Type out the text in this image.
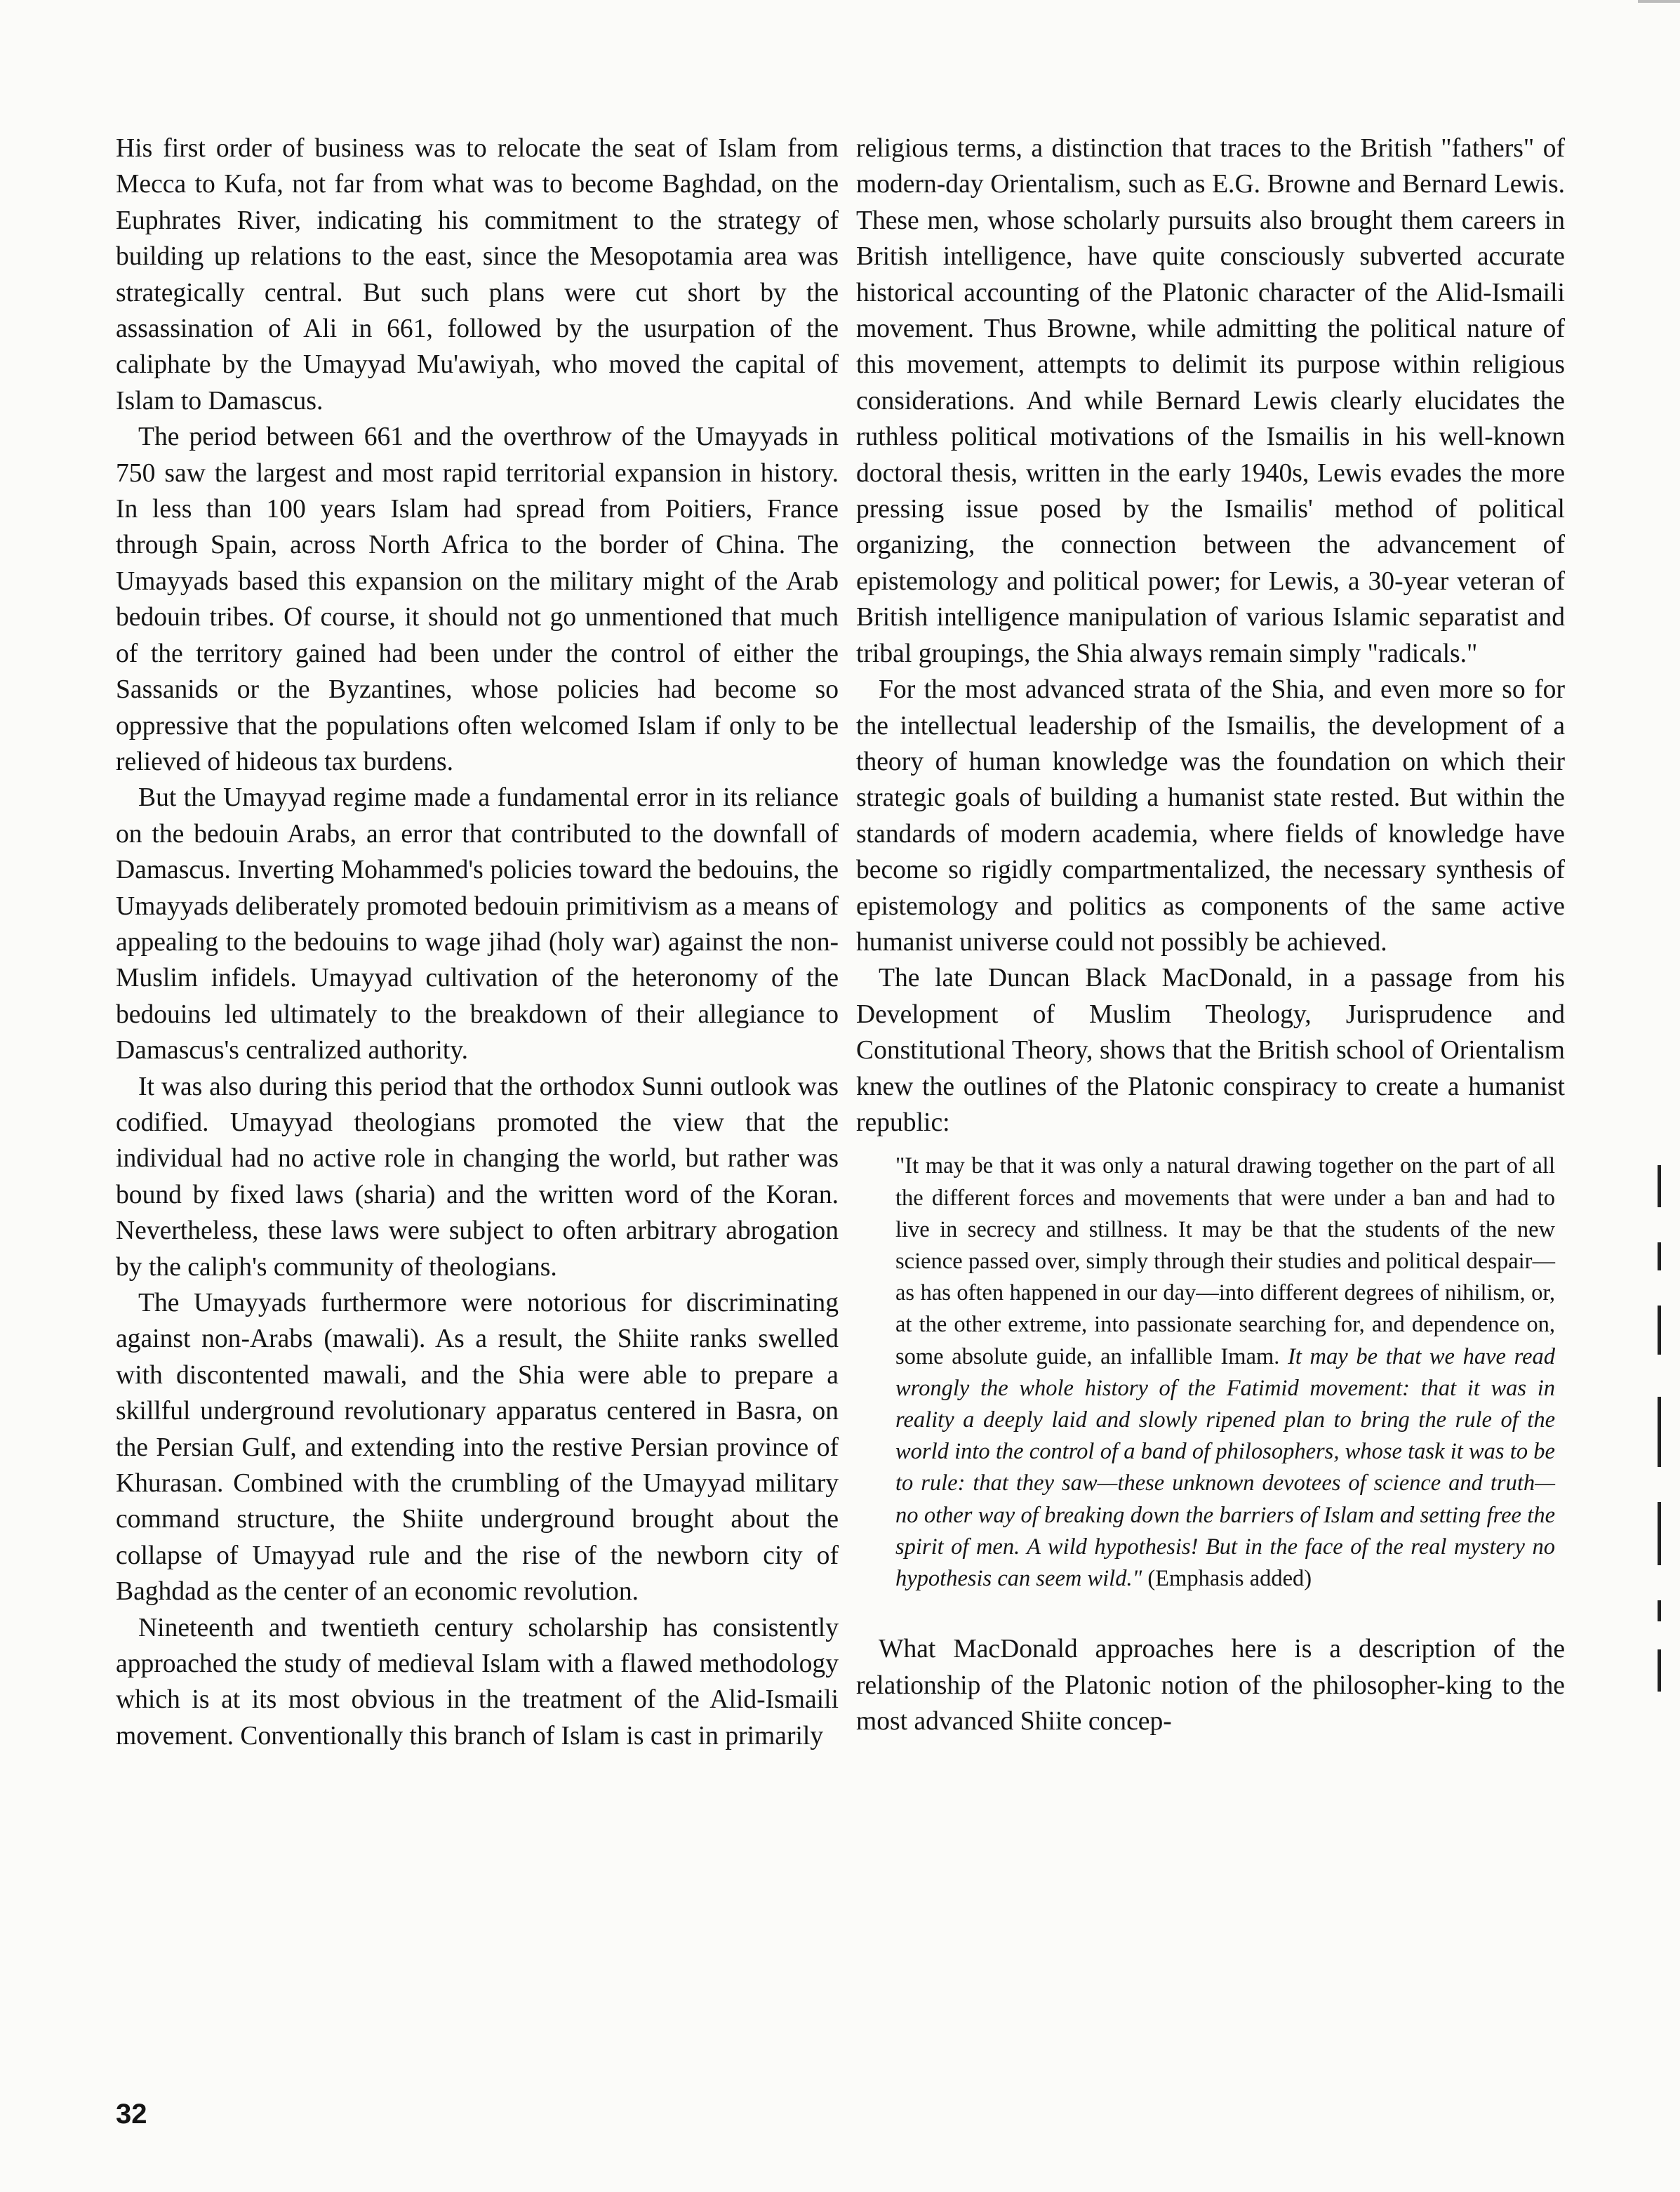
His first order of business was to relocate the seat of Islam from Mecca to Kufa, not far from what was to become Baghdad, on the Euphrates River, indicating his commitment to the strategy of building up relations to the east, since the Mesopotamia area was strategically central. But such plans were cut short by the assassination of Ali in 661, followed by the usurpation of the caliphate by the Umayyad Mu'awiyah, who moved the capital of Islam to Damascus.

The period between 661 and the overthrow of the Umayyads in 750 saw the largest and most rapid territorial expansion in history. In less than 100 years Islam had spread from Poitiers, France through Spain, across North Africa to the border of China. The Umayyads based this expansion on the military might of the Arab bedouin tribes. Of course, it should not go unmentioned that much of the territory gained had been under the control of either the Sassanids or the Byzantines, whose policies had become so oppressive that the populations often welcomed Islam if only to be relieved of hideous tax burdens.

But the Umayyad regime made a fundamental error in its reliance on the bedouin Arabs, an error that contributed to the downfall of Damascus. Inverting Mohammed's policies toward the bedouins, the Umayyads deliberately promoted bedouin primitivism as a means of appealing to the bedouins to wage jihad (holy war) against the non-Muslim infidels. Umayyad cultivation of the heteronomy of the bedouins led ultimately to the breakdown of their allegiance to Damascus's centralized authority.

It was also during this period that the orthodox Sunni outlook was codified. Umayyad theologians promoted the view that the individual had no active role in changing the world, but rather was bound by fixed laws (sharia) and the written word of the Koran. Nevertheless, these laws were subject to often arbitrary abrogation by the caliph's community of theologians.

The Umayyads furthermore were notorious for discriminating against non-Arabs (mawali). As a result, the Shiite ranks swelled with discontented mawali, and the Shia were able to prepare a skillful underground revolutionary apparatus centered in Basra, on the Persian Gulf, and extending into the restive Persian province of Khurasan. Combined with the crumbling of the Umayyad military command structure, the Shiite underground brought about the collapse of Umayyad rule and the rise of the newborn city of Baghdad as the center of an economic revolution.

Nineteenth and twentieth century scholarship has consistently approached the study of medieval Islam with a flawed methodology which is at its most obvious in the treatment of the Alid-Ismaili movement. Conventionally this branch of Islam is cast in primarily

religious terms, a distinction that traces to the British "fathers" of modern-day Orientalism, such as E.G. Browne and Bernard Lewis. These men, whose scholarly pursuits also brought them careers in British intelligence, have quite consciously subverted accurate historical accounting of the Platonic character of the Alid-Ismaili movement. Thus Browne, while admitting the political nature of this movement, attempts to delimit its purpose within religious considerations. And while Bernard Lewis clearly elucidates the ruthless political motivations of the Ismailis in his well-known doctoral thesis, written in the early 1940s, Lewis evades the more pressing issue posed by the Ismailis' method of political organizing, the connection between the advancement of epistemology and political power; for Lewis, a 30-year veteran of British intelligence manipulation of various Islamic separatist and tribal groupings, the Shia always remain simply "radicals."

For the most advanced strata of the Shia, and even more so for the intellectual leadership of the Ismailis, the development of a theory of human knowledge was the foundation on which their strategic goals of building a humanist state rested. But within the standards of modern academia, where fields of knowledge have become so rigidly compartmentalized, the necessary synthesis of epistemology and politics as components of the same active humanist universe could not possibly be achieved.

The late Duncan Black MacDonald, in a passage from his Development of Muslim Theology, Jurisprudence and Constitutional Theory, shows that the British school of Orientalism knew the outlines of the Platonic conspiracy to create a humanist republic:

"It may be that it was only a natural drawing together on the part of all the different forces and movements that were under a ban and had to live in secrecy and stillness. It may be that the students of the new science passed over, simply through their studies and political despair—as has often happened in our day—into different degrees of nihilism, or, at the other extreme, into passionate searching for, and dependence on, some absolute guide, an infallible Imam. It may be that we have read wrongly the whole history of the Fatimid movement: that it was in reality a deeply laid and slowly ripened plan to bring the rule of the world into the control of a band of philosophers, whose task it was to be to rule: that they saw—these unknown devotees of science and truth—no other way of breaking down the barriers of Islam and setting free the spirit of men. A wild hypothesis! But in the face of the real mystery no hypothesis can seem wild." (Emphasis added)

What MacDonald approaches here is a description of the relationship of the Platonic notion of the philosopher-king to the most advanced Shiite concep-

32
